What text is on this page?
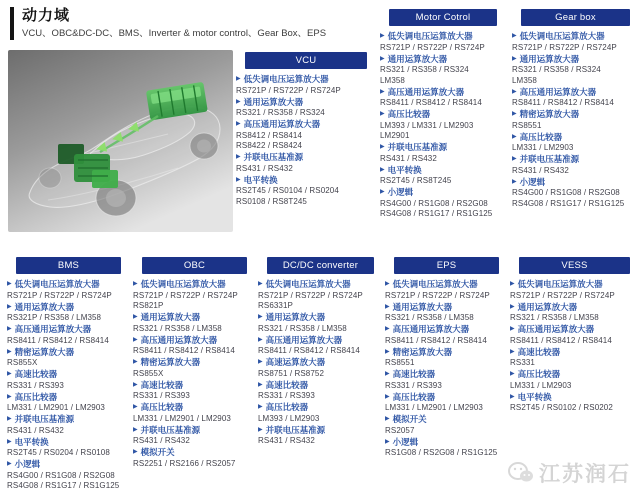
动力域
VCU、OBC&DC-DC、BMS、Inverter & motor control、Gear Box、EPS
VCU
▶ 低失调电压运算放大器
RS721P / RS722P / RS724P
▶ 通用运算放大器
RS321 / RS358 / RS324
▶ 高压通用运算放大器
RS8412 / RS8414
RS8422 / RS8424
▶ 并联电压基准源
RS431 / RS432
▶ 电平转换
RS2T45 / RS0104 / RS0204
RS0108 / RS8T245
Motor Cotrol
▶ 低失调电压运算放大器
RS721P / RS722P / RS724P
▶ 通用运算放大器
RS321 / RS358 / RS324
LM358
▶ 高压通用运算放大器
RS8411 / RS8412 / RS8414
▶ 高压比较器
LM393 / LM331 / LM2903
LM2901
▶ 并联电压基准源
RS431 / RS432
▶ 电平转换
RS2T45 / RS8T245
▶ 小逻辑
RS4G00 / RS1G08 / RS2G08
RS4G08 / RS1G17 / RS1G125
Gear box
▶ 低失调电压运算放大器
RS721P / RS722P / RS724P
▶ 通用运算放大器
RS321 / RS358 / RS324
LM358
▶ 高压通用运算放大器
RS8411 / RS8412 / RS8414
▶ 精密运算放大器
RS8551
▶ 高压比较器
LM331 / LM2903
▶ 并联电压基准源
RS431 / RS432
▶ 小逻辑
RS4G00 / RS1G08 / RS2G08
RS4G08 / RS1G17 / RS1G125
BMS
▶ 低失调电压运算放大器
RS721P / RS722P / RS724P
▶ 通用运算放大器
RS321P / RS358 / LM358
▶ 高压通用运算放大器
RS8411 / RS8412 / RS8414
▶ 精密运算放大器
RS855X
▶ 高速比较器
RS331 / RS393
▶ 高压比较器
LM331 / LM2901 / LM2903
▶ 并联电压基准源
RS431 / RS432
▶ 电平转换
RS2T45 / RS0204 / RS0108
▶ 小逻辑
RS4G00 / RS1G08 / RS2G08
RS4G08 / RS1G17 / RS1G125
OBC
▶ 低失调电压运算放大器
RS721P / RS722P / RS724P
RS821P
▶ 通用运算放大器
RS321 / RS358 / LM358
▶ 高压通用运算放大器
RS8411 / RS8412 / RS8414
▶ 精密运算放大器
RS855X
▶ 高速比较器
RS331 / RS393
▶ 高压比较器
LM331 / LM2901 / LM2903
▶ 并联电压基准源
RS431 / RS432
▶ 模拟开关
RS2251 / RS2166 / RS2057
DC/DC converter
▶ 低失调电压运算放大器
RS721P / RS722P / RS724P
RS6331P
▶ 通用运算放大器
RS321 / RS358 / LM358
▶ 高压通用运算放大器
RS8411 / RS8412 / RS8414
▶ 高速运算放大器
RS8751 / RS8752
▶ 高速比较器
RS331 / RS393
▶ 高压比较器
LM393 / LM2903
▶ 并联电压基准源
RS431 / RS432
EPS
▶ 低失调电压运算放大器
RS721P / RS722P / RS724P
▶ 通用运算放大器
RS321 / RS358 / LM358
▶ 高压通用运算放大器
RS8411 / RS8412 / RS8414
▶ 精密运算放大器
RS8551
▶ 高速比较器
RS331 / RS393
▶ 高压比较器
LM331 / LM2901 / LM2903
▶ 模拟开关
RS2057
▶ 小逻辑
RS1G08 / RS2G08 / RS1G125
VESS
▶ 低失调电压运算放大器
RS721P / RS722P / RS724P
▶ 通用运算放大器
RS321 / RS358 / LM358
▶ 高压通用运算放大器
RS8411 / RS8412 / RS8414
▶ 高速比较器
RS331
▶ 高压比较器
LM331 / LM2903
▶ 电平转换
RS2T45 / RS0102 / RS0202
江苏润石
